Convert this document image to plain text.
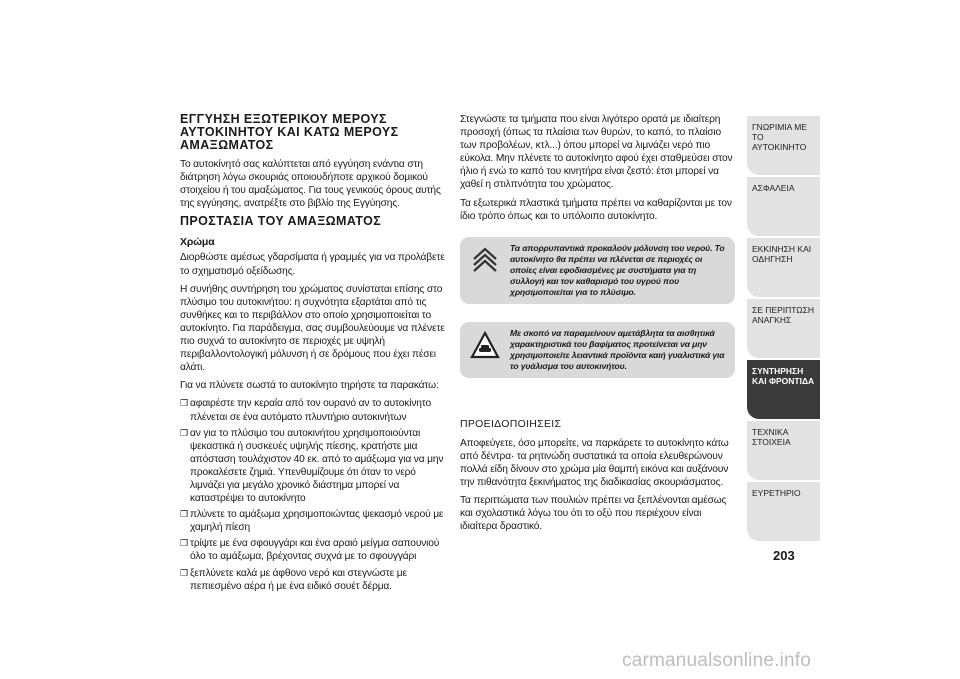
ΕΓΓΥΗΣΗ ΕΞΩΤΕΡΙΚΟΥ ΜΕΡΟΥΣ ΑΥΤΟΚΙΝΗΤΟΥ ΚΑΙ ΚΑΤΩ ΜΕΡΟΥΣ ΑΜΑΞΩΜΑΤΟΣ

Το αυτοκίνητό σας καλύπτεται από εγγύηση ενάντια στη διάτρηση λόγω σκουριάς οποιουδήποτε αρχικού δομικού στοιχείου ή του αμαξώματος. Για τους γενικούς όρους αυτής της εγγύησης, ανατρέξτε στο βιβλίο της Εγγύησης.

ΠΡΟΣΤΑΣΙΑ ΤΟΥ ΑΜΑΞΩΜΑΤΟΣ
Χρώμα

Διορθώστε αμέσως γδαρσίματα ή γραμμές για να προλάβετε το σχηματισμό οξείδωσης.

Η συνήθης συντήρηση του χρώματος συνίσταται επίσης στο πλύσιμο του αυτοκινήτου: η συχνότητα εξαρτάται από τις συνθήκες και το περιβάλλον στο οποίο χρησιμοποιείται το αυτοκίνητο. Για παράδειγμα, σας συμβουλεύουμε να πλένετε πιο συχνά το αυτοκίνητο σε περιοχές με υψηλή περιβαλλοντολογική μόλυνση ή σε δρόμους που έχει πέσει αλάτι.

Για να πλύνετε σωστά το αυτοκίνητο τηρήστε τα παρακάτω:

❒ αφαιρέστε την κεραία από τον ουρανό αν το αυτοκίνητο πλένεται σε ένα αυτόματο πλυντήριο αυτοκινήτων
❒ αν για το πλύσιμο του αυτοκινήτου χρησιμοποιούνται ψεκαστικά ή συσκευές υψηλής πίεσης, κρατήστε μια απόσταση τουλάχιστον 40 εκ. από το αμάξωμα για να μην προκαλέσετε ζημιά. Υπενθυμίζουμε ότι όταν το νερό λιμνάζει για μεγάλο χρονικό διάστημα μπορεί να καταστρέψει το αυτοκίνητο
❒ πλύνετε το αμάξωμα χρησιμοποιώντας ψεκασμό νερού με χαμηλή πίεση
❒ τρίψτε με ένα σφουγγάρι και ένα αραιό μείγμα σαπουνιού όλο το αμάξωμα, βρέχοντας συχνά με το σφουγγάρι
❒ ξεπλύνετε καλά με άφθονο νερό και στεγνώστε με πεπιεσμένο αέρα ή με ένα ειδικό σουέτ δέρμα.

Στεγνώστε τα τμήματα που είναι λιγότερο ορατά με ιδιαίτερη προσοχή (όπως τα πλαίσια των θυρών, το καπό, το πλαίσιο των προβολέων, κτλ...) όπου μπορεί να λιμνάζει νερό πιο εύκολα. Μην πλένετε το αυτοκίνητο αφού έχει σταθμεύσει στον ήλιο ή ενώ το καπό του κινητήρα είναι ζεστό: έτσι μπορεί να χαθεί η στιλπνότητα του χρώματος.

Τα εξωτερικά πλαστικά τμήματα πρέπει να καθαρίζονται με τον ίδιο τρόπο όπως και το υπόλοιπο αυτοκίνητο.

Τα απορρυπαντικά προκαλούν μόλυνση του νερού. Το αυτοκίνητο θα πρέπει να πλένεται σε περιοχές οι οποίες είναι εφοδιασμένες με συστήματα για τη συλλογή και τον καθαρισμό του υγρού που χρησιμοποιείται για το πλύσιμο.
Με σκοπό να παραμείνουν αμετάβλητα τα αισθητικά χαρακτηριστικά του βαφίματος προτείνεται να μην χρησιμοποιείτε λειαντικά προϊόντα καιή γυαλιστικά για το γυάλισμα του αυτοκινήτου.

ΠΡΟΕΙΔΟΠΟΙΗΣΕΙΣ

Αποφεύγετε, όσο μπορείτε, να παρκάρετε το αυτοκίνητο κάτω από δέντρα· τα ρητινώδη συστατικά τα οποία ελευθερώνουν πολλά είδη δίνουν στο χρώμα μία θαμπή εικόνα και αυξάνουν την πιθανότητα ξεκινήματος της διαδικασίας σκουριάσματος.

Τα περιττώματα των πουλιών πρέπει να ξεπλένονται αμέσως και σχολαστικά λόγω του ότι το οξύ που περιέχουν είναι ιδιαίτερα δραστικό.

ΓΝΩΡΙΜΙΑ ΜΕ ΤΟ ΑΥΤΟΚΙΝΗΤΟ
ΑΣΦΑΛΕΙΑ
ΕΚΚΙΝΗΣΗ ΚΑΙ ΟΔΗΓΗΣΗ
ΣΕ ΠΕΡΙΠΤΩΣΗ ΑΝΑΓΚΗΣ
ΣΥΝΤΗΡΗΣΗ ΚΑΙ ΦΡΟΝΤΙΔΑ
ΤΕΧΝΙΚΑ ΣΤΟΙΧΕΙΑ
ΕΥΡΕΤΗΡΙΟ
203
carmanualsonline.info
